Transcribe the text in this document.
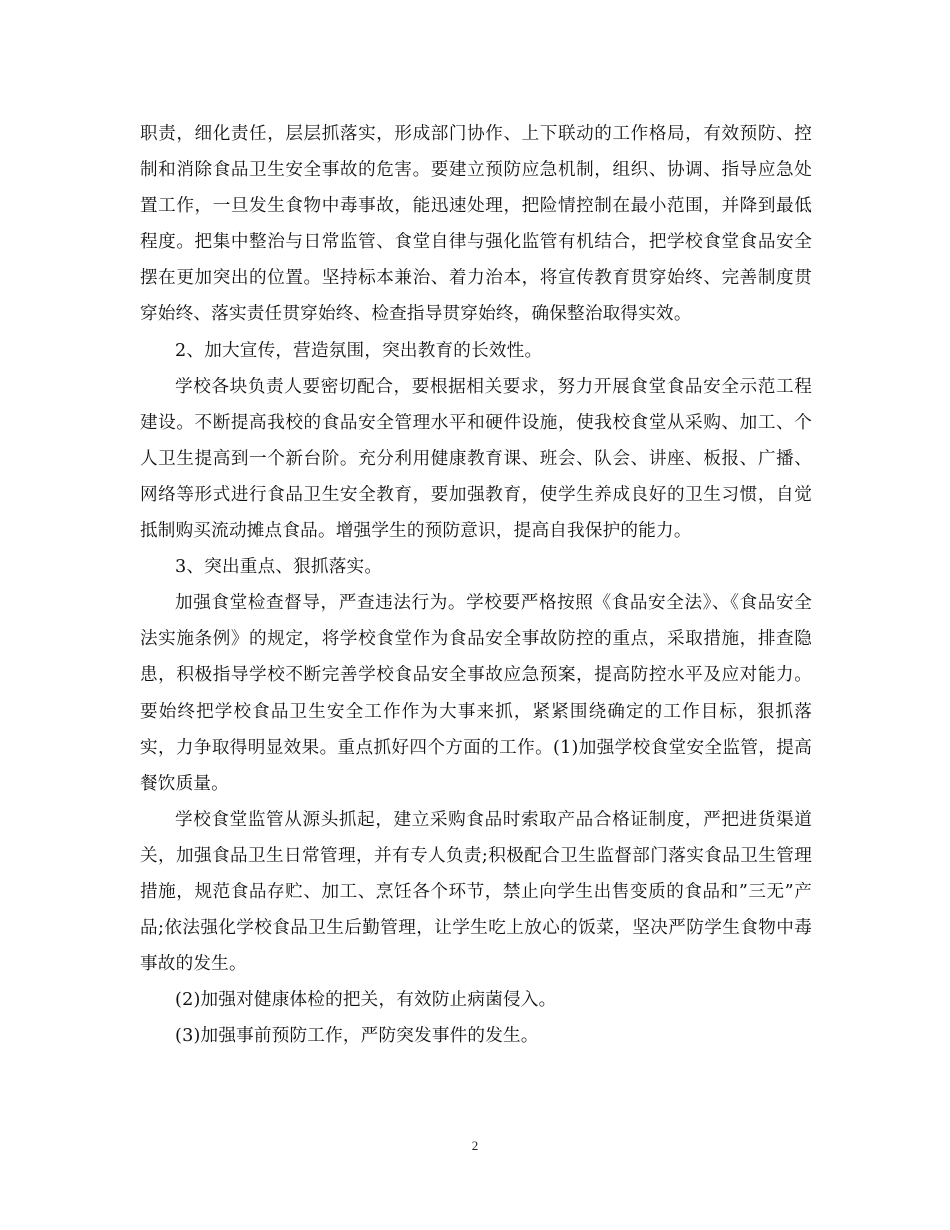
职责，细化责任，层层抓落实，形成部门协作、上下联动的工作格局，有效预防、控制和消除食品卫生安全事故的危害。要建立预防应急机制，组织、协调、指导应急处置工作，一旦发生食物中毒事故，能迅速处理，把险情控制在最小范围，并降到最低程度。把集中整治与日常监管、食堂自律与强化监管有机结合，把学校食堂食品安全摆在更加突出的位置。坚持标本兼治、着力治本，将宣传教育贯穿始终、完善制度贯穿始终、落实责任贯穿始终、检查指导贯穿始终，确保整治取得实效。

2、加大宣传，营造氛围，突出教育的长效性。

学校各块负责人要密切配合，要根据相关要求，努力开展食堂食品安全示范工程建设。不断提高我校的食品安全管理水平和硬件设施，使我校食堂从采购、加工、个人卫生提高到一个新台阶。充分利用健康教育课、班会、队会、讲座、板报、广播、网络等形式进行食品卫生安全教育，要加强教育，使学生养成良好的卫生习惯，自觉抵制购买流动摊点食品。增强学生的预防意识，提高自我保护的能力。

3、突出重点、狠抓落实。

加强食堂检查督导，严查违法行为。学校要严格按照《食品安全法》、《食品安全法实施条例》的规定，将学校食堂作为食品安全事故防控的重点，采取措施，排查隐患，积极指导学校不断完善学校食品安全事故应急预案，提高防控水平及应对能力。要始终把学校食品卫生安全工作作为大事来抓，紧紧围绕确定的工作目标，狠抓落实，力争取得明显效果。重点抓好四个方面的工作。(1)加强学校食堂安全监管，提高餐饮质量。

学校食堂监管从源头抓起，建立采购食品时索取产品合格证制度，严把进货渠道关，加强食品卫生日常管理，并有专人负责;积极配合卫生监督部门落实食品卫生管理措施，规范食品存贮、加工、烹饪各个环节，禁止向学生出售变质的食品和”三无”产品;依法强化学校食品卫生后勤管理，让学生吃上放心的饭菜，坚决严防学生食物中毒事故的发生。

(2)加强对健康体检的把关，有效防止病菌侵入。

(3)加强事前预防工作，严防突发事件的发生。

2
